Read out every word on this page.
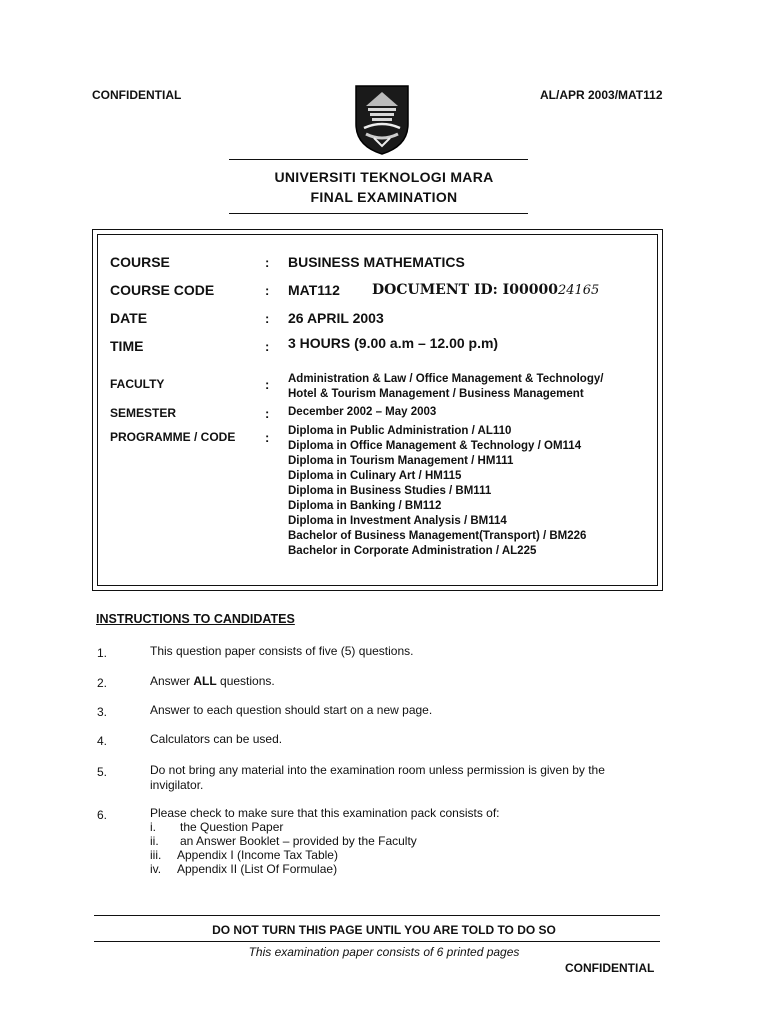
CONFIDENTIAL	AL/APR 2003/MAT112
UNIVERSITI TEKNOLOGI MARA
FINAL EXAMINATION
COURSE	: BUSINESS MATHEMATICS
COURSE CODE	: MAT112 DOCUMENT ID: I0000024165
DATE	: 26 APRIL 2003
TIME	: 3 HOURS (9.00 a.m – 12.00 p.m)
FACULTY	: Administration & Law / Office Management & Technology/
Hotel & Tourism Management / Business Management
SEMESTER	: December 2002 – May 2003
PROGRAMME / CODE : Diploma in Public Administration / AL110
Diploma in Office Management & Technology / OM114
Diploma in Tourism Management / HM111
Diploma in Culinary Art / HM115
Diploma in Business Studies / BM111
Diploma in Banking / BM112
Diploma in Investment Analysis / BM114
Bachelor of Business Management(Transport) / BM226
Bachelor in Corporate Administration / AL225
INSTRUCTIONS TO CANDIDATES
1.	This question paper consists of five (5) questions.
2.	Answer ALL questions.
3.	Answer to each question should start on a new page.
4.	Calculators can be used.
5.	Do not bring any material into the examination room unless permission is given by the
invigilator.
6.	Please check to make sure that this examination pack consists of:
i. the Question Paper
ii. an Answer Booklet – provided by the Faculty
iii. Appendix I (Income Tax Table)
iv. Appendix II (List Of Formulae)
DO NOT TURN THIS PAGE UNTIL YOU ARE TOLD TO DO SO
This examination paper consists of 6 printed pages
CONFIDENTIAL
